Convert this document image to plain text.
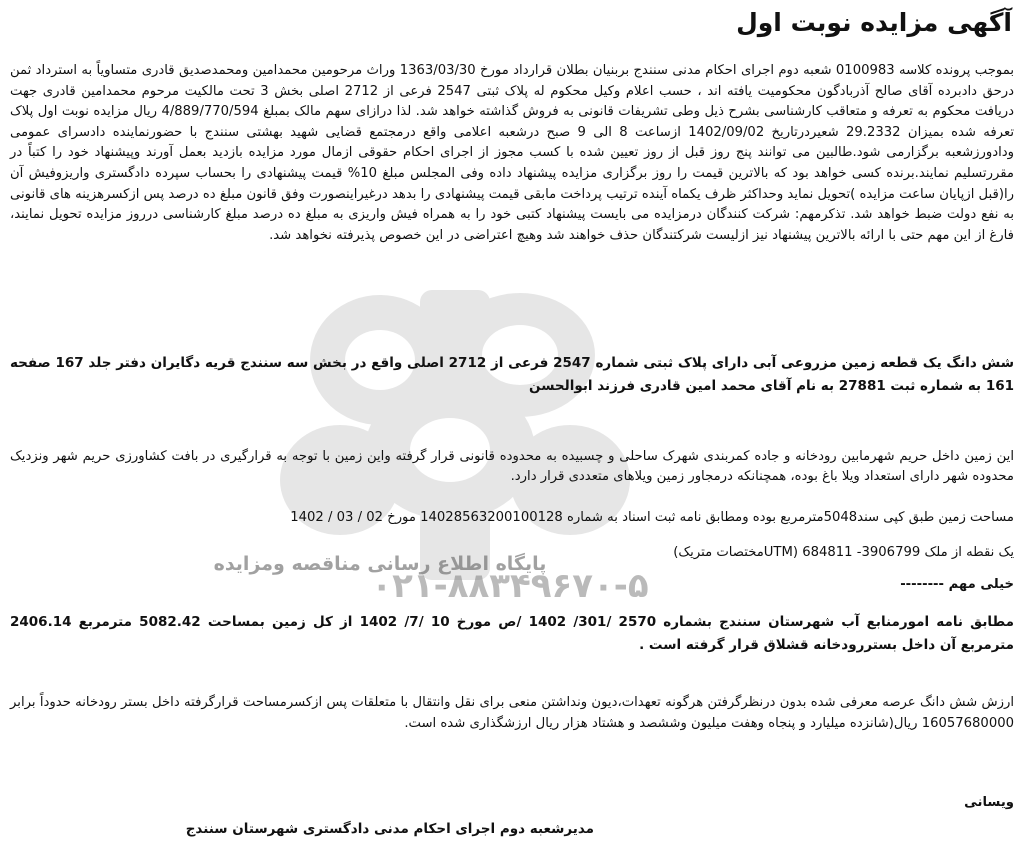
پایگاه اطلاع رسانی مناقصه ومزایده
۰۲۱-۸۸۳۴۹۶۷۰-۵
آگهی مزایده نوبت اول

بموجب پرونده کلاسه 0100983 شعبه دوم اجرای احکام مدنی سنندج بربنیان بطلان قرارداد مورخ 1363/03/30 وراث مرحومین محمدامین ومحمدصدیق قادری متساویاً به استرداد ثمن درحق دادبرده آقای صالح آذربادگون محکومیت یافته اند ، حسب اعلام وکیل محکوم له پلاک ثبتی 2547 فرعی از 2712 اصلی بخش 3 تحت مالکیت مرحوم محمدامین قادری جهت دریافت محکوم به تعرفه و متعاقب کارشناسی بشرح ذیل وطی تشریفات قانونی به فروش گذاشته خواهد شد. لذا درازای سهم مالک بمبلغ 4/889/770/594 ریال مزایده نوبت اول پلاک تعرفه شده بمیزان 29.2332 شعیردرتاریخ 1402/09/02 ازساعت 8 الی 9 صبح درشعبه اعلامی واقع درمجتمع قضایی شهید بهشتی سنندج با حضورنماینده دادسرای عمومی ودادورزشعبه برگزارمی شود.طالبین می توانند پنج روز قبل از روز تعیین شده با کسب مجوز از اجرای احکام حقوقی ازمال مورد مزایده بازدید بعمل آورند وپیشنهاد خود را کتباً در مقررتسلیم نمایند.برنده کسی خواهد بود که بالاترین قیمت را روز برگزاری مزایده پیشنهاد داده وفی المجلس مبلغ 10% قیمت پیشنهادی را بحساب سپرده دادگستری واریزوفیش آن را(قبل ازپایان ساعت مزایده )تحویل نماید وحداکثر ظرف یکماه آینده ترتیب پرداخت مابقی قیمت پیشنهادی را بدهد درغیراینصورت وفق قانون مبلغ ده درصد پس ازکسرهزینه های قانونی به نفع دولت ضبط خواهد شد. تذکرمهم: شرکت کنندگان درمزایده می بایست پیشنهاد کتبی خود را به همراه فیش واریزی به مبلغ ده درصد مبلغ کارشناسی درروز مزایده تحویل نمایند، فارغ از این مهم حتی با ارائه بالاترین پیشنهاد نیز ازلیست شرکتندگان حذف خواهند شد وهیچ اعتراضی در این خصوص پذیرفته نخواهد شد.

شش دانگ یک قطعه زمین مزروعی آبی دارای پلاک ثبتی شماره 2547 فرعی از 2712 اصلی واقع در بخش سه سنندج قریه دگایران دفتر جلد 167 صفحه 161 به شماره ثبت 27881 به نام آقای محمد امین قادری فرزند ابوالحسن

این زمین داخل حریم شهرمابین رودخانه و جاده کمربندی شهرک ساحلی و چسبیده به محدوده قانونی قرار گرفته واین زمین با توجه به قرارگیری در بافت کشاورزی حریم شهر ونزدیک محدوده شهر دارای استعداد ویلا باغ بوده، همچنانکه درمجاور زمین ویلاهای متعددی قرار دارد.

مساحت زمین طبق کپی سند5048مترمربع بوده ومطابق نامه ثبت اسناد به شماره 14028563200100128 مورخ 02 / 03 / 1402

یک نقطه از ملک 3906799- 684811 (UTMمختصات متریک)

خیلی مهم --------

مطابق نامه امورمنابع آب شهرستان سنندج بشماره 2570 /301/ 1402 /ص مورخ 10 /7/ 1402 از کل زمین بمساحت 5082.42 مترمربع 2406.14 مترمربع آن داخل بستررودخانه قشلاق قرار گرفته است .

ارزش شش دانگ عرصه معرفی شده بدون درنظرگرفتن هرگونه تعهدات،دیون ونداشتن منعی برای نقل وانتقال با متعلقات پس ازکسرمساحت قرارگرفته داخل بستر رودخانه حدوداً برابر 16057680000 ریال(شانزده میلیارد و پنجاه وهفت میلیون وششصد و هشتاد هزار ریال ارزشگذاری شده است.

ویسانی

مدیرشعبه دوم اجرای احکام مدنی دادگستری شهرستان سنندج
